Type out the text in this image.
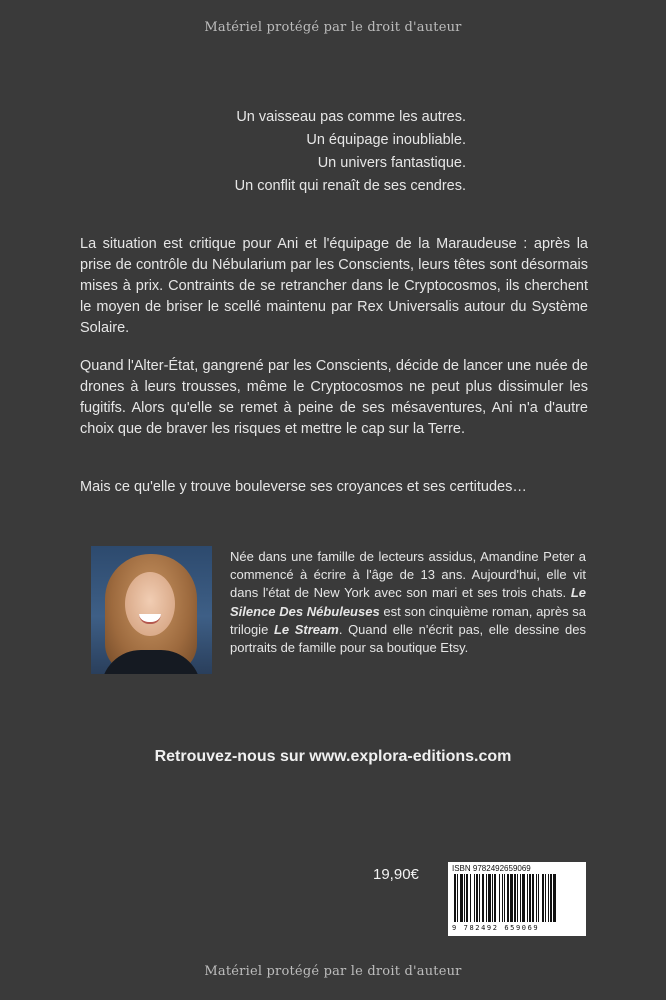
Matériel protégé par le droit d'auteur
Un vaisseau pas comme les autres.
Un équipage inoubliable.
Un univers fantastique.
Un conflit qui renaît de ses cendres.
La situation est critique pour Ani et l'équipage de la Maraudeuse : après la prise de contrôle du Nébularium par les Conscients, leurs têtes sont désormais mises à prix. Contraints de se retrancher dans le Cryptocosmos, ils cherchent le moyen de briser le scellé maintenu par Rex Universalis autour du Système Solaire.
Quand l'Alter-État, gangrené par les Conscients, décide de lancer une nuée de drones à leurs trousses, même le Cryptocosmos ne peut plus dissimuler les fugitifs. Alors qu'elle se remet à peine de ses mésaventures, Ani n'a d'autre choix que de braver les risques et mettre le cap sur la Terre.
Mais ce qu'elle y trouve bouleverse ses croyances et ses certitudes…
Née dans une famille de lecteurs assidus, Amandine Peter a commencé à écrire à l'âge de 13 ans. Aujourd'hui, elle vit dans l'état de New York avec son mari et ses trois chats. Le Silence Des Nébuleuses est son cinquième roman, après sa trilogie Le Stream. Quand elle n'écrit pas, elle dessine des portraits de famille pour sa boutique Etsy.
Retrouvez-nous sur www.explora-editions.com
19,90€	ISBN 9782492659069
9 782492 659069
Matériel protégé par le droit d'auteur
